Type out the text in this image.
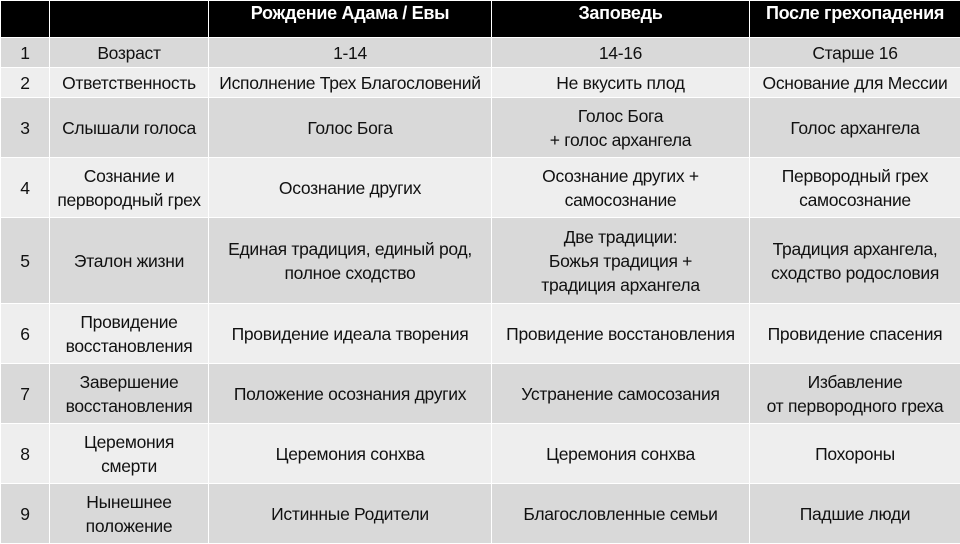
		Рождение Адама / Евы	Заповедь	После грехопадения
1	Возраст	1-14	14-16	Старше 16

2	Ответственность	Исполнение Трех Благословений	Не вкусить плод	Основание для Мессии

3	Слышали голоса	Голос Бога	Голос Бога
+ голос архангела	Голос архангела

4	Сознание и
первородный грех	Осознание других	Осознание других +
самосознание	Первородный грех
самосознание

5	Эталон жизни	Единая традиция, единый род,
полное сходство	Две традиции:
Божья традиция +
традиция архангела	Традиция архангела,
сходство родословия

6	Провидение
восстановления	Провидение идеала творения	Провидение восстановления	Провидение спасения

7	Завершение
восстановления	Положение осознания других	Устранение самосозания	Избавление
от первородного греха

8	Церемония
смерти	Церемония сонхва	Церемония сонхва	Похороны

9	Нынешнее
положение	Истинные Родители	Благословленные семьи	Падшие люди
